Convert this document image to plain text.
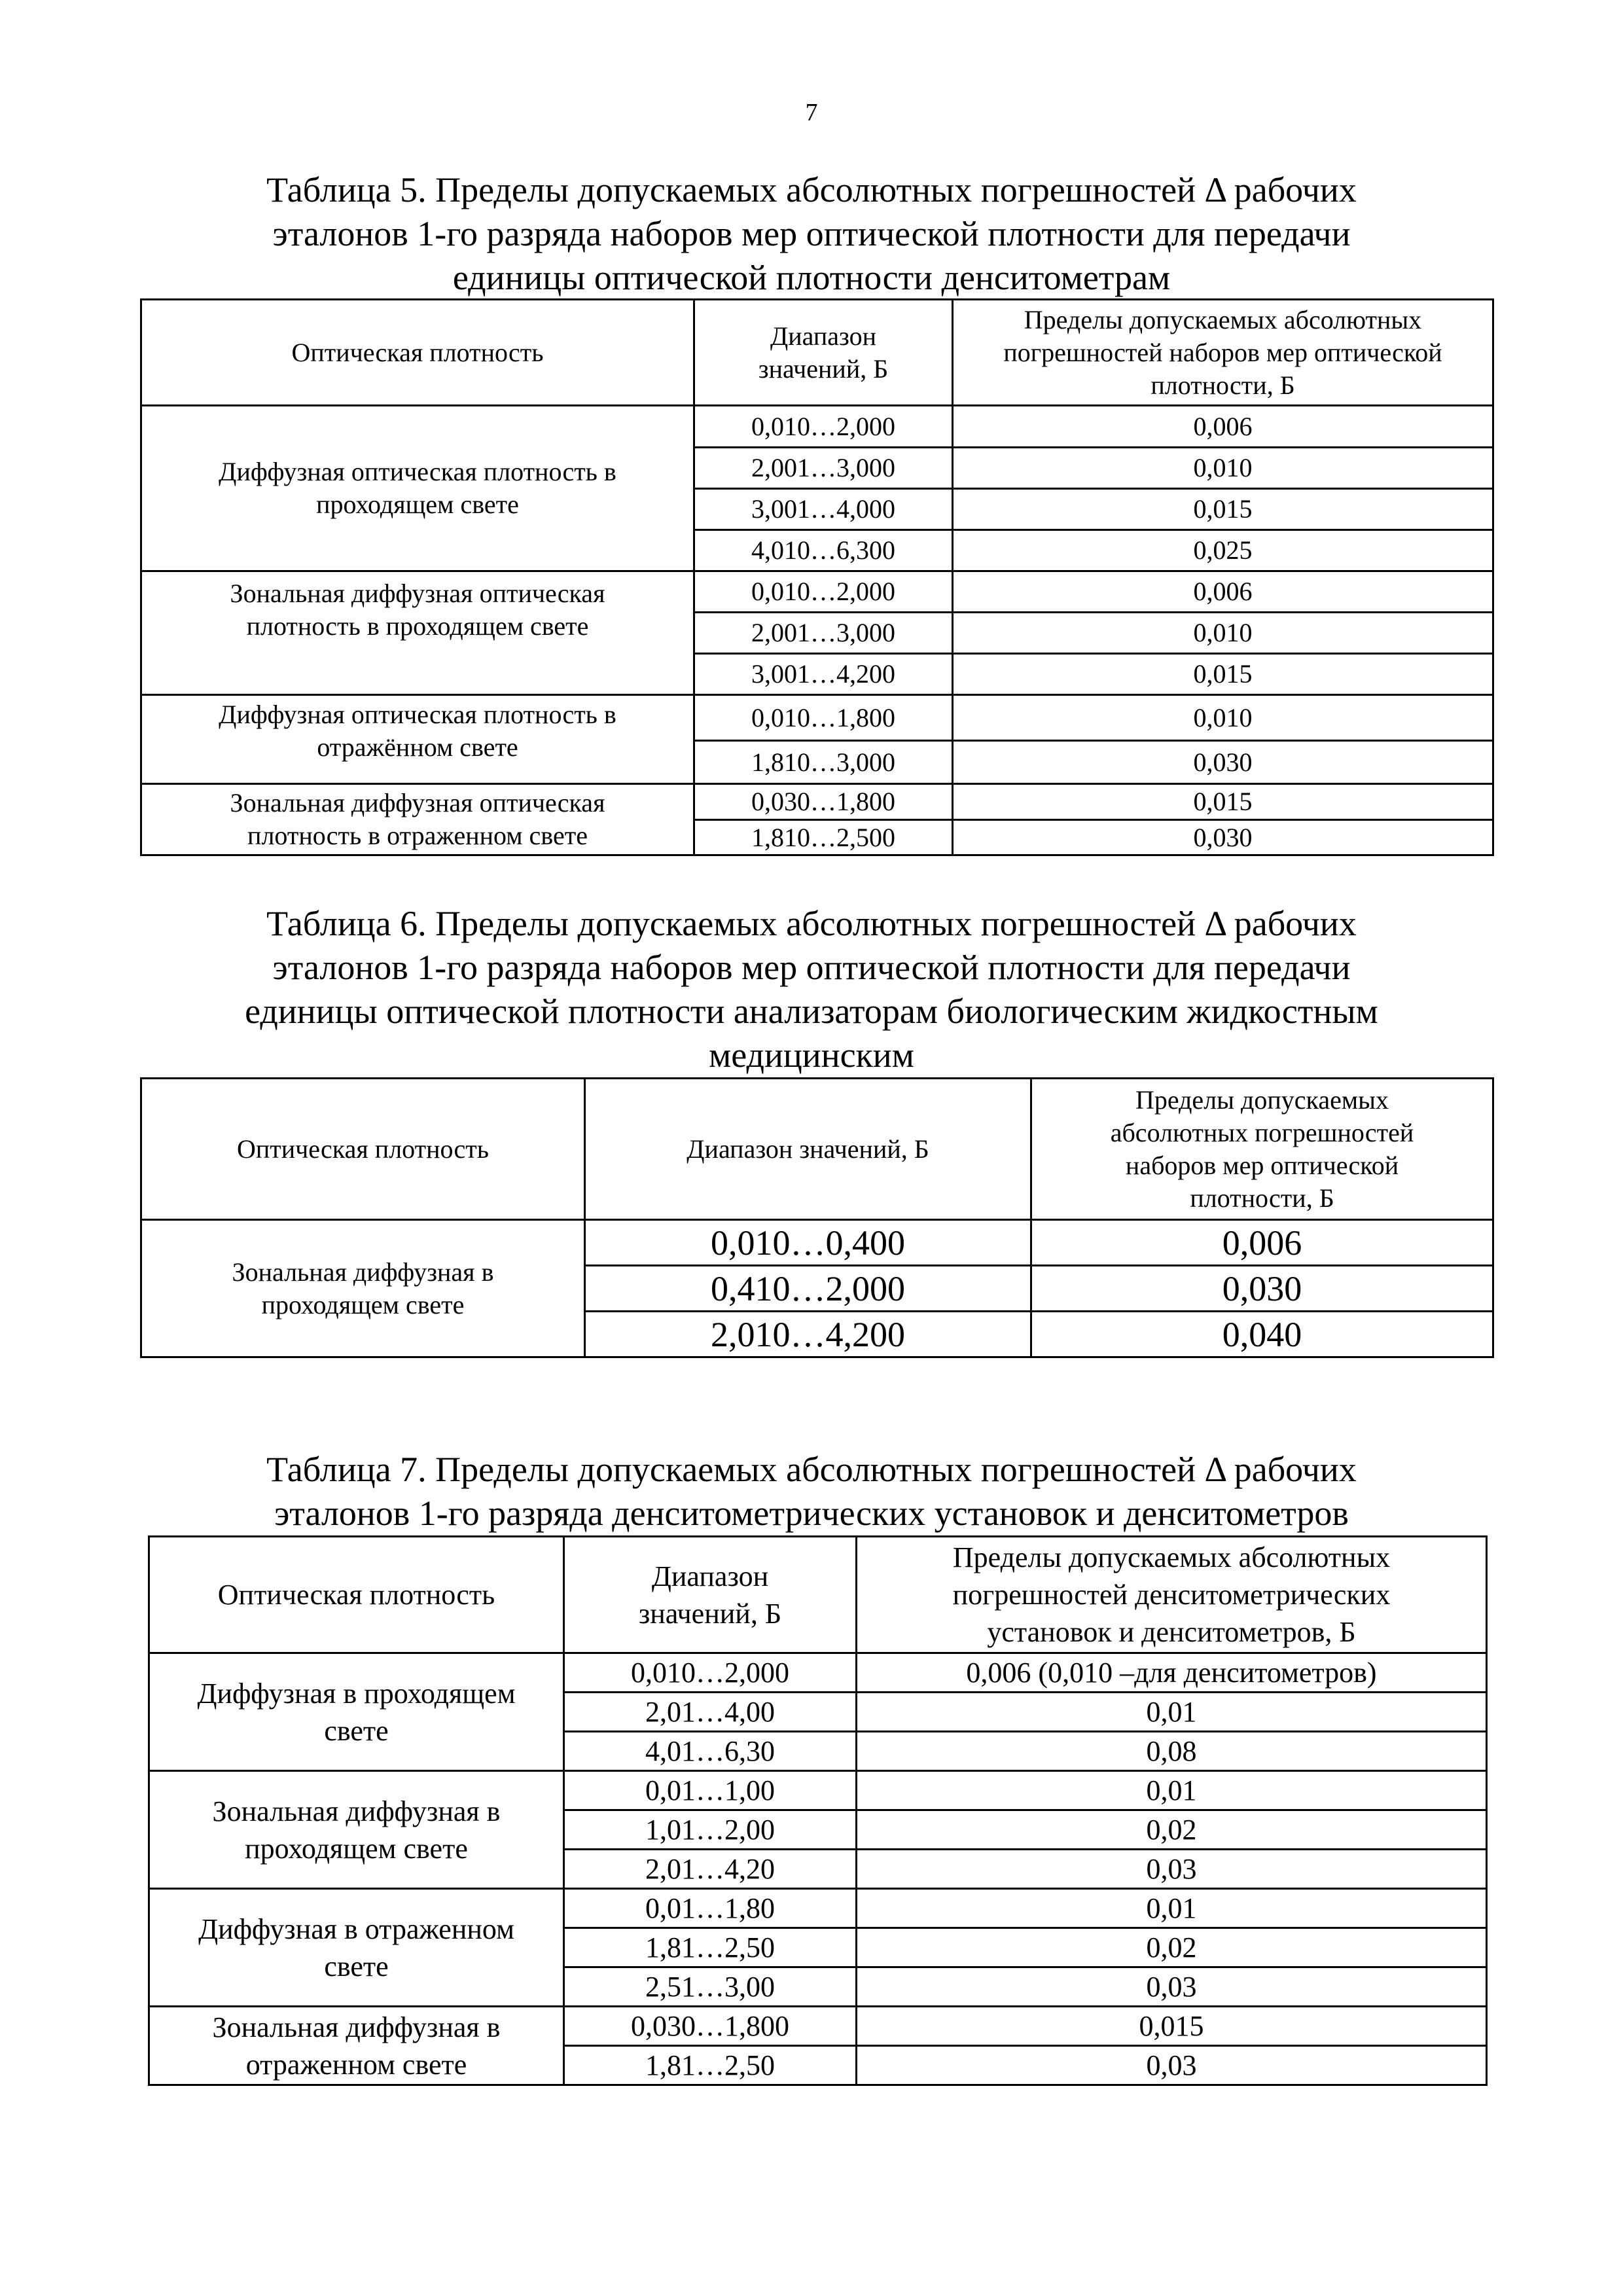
7
Таблица 5. Пределы допускаемых абсолютных погрешностей Δ рабочих
эталонов 1-го разряда наборов мер оптической плотности для передачи
единицы оптической плотности денситометрам
Оптическая плотность	Диапазон значений, Б	Пределы допускаемых абсолютных погрешностей наборов мер оптической плотности, Б
Диффузная оптическая плотность в проходящем свете	0,010…2,000	0,006
	2,001…3,000	0,010
	3,001…4,000	0,015
	4,010…6,300	0,025
Зональная диффузная оптическая плотность в проходящем свете	0,010…2,000	0,006
	2,001…3,000	0,010
	3,001…4,200	0,015
Диффузная оптическая плотность в отражённом свете	0,010…1,800	0,010
	1,810…3,000	0,030
Зональная диффузная оптическая плотность в отраженном свете	0,030…1,800	0,015
	1,810…2,500	0,030
Таблица 6. Пределы допускаемых абсолютных погрешностей Δ рабочих
эталонов 1-го разряда наборов мер оптической плотности для передачи
единицы оптической плотности анализаторам биологическим жидкостным
медицинским
Оптическая плотность	Диапазон значений, Б	Пределы допускаемых абсолютных погрешностей наборов мер оптической плотности, Б
Зональная диффузная в проходящем свете	0,010…0,400	0,006
	0,410…2,000	0,030
	2,010…4,200	0,040
Таблица 7. Пределы допускаемых абсолютных погрешностей Δ рабочих
эталонов 1-го разряда денситометрических установок и денситометров
Оптическая плотность	Диапазон значений, Б	Пределы допускаемых абсолютных погрешностей денситометрических установок и денситометров, Б
Диффузная в проходящем свете	0,010…2,000	0,006 (0,010 –для денситометров)
	2,01…4,00	0,01
	4,01…6,30	0,08
Зональная диффузная в проходящем свете	0,01…1,00	0,01
	1,01…2,00	0,02
	2,01…4,20	0,03
Диффузная в отраженном свете	0,01…1,80	0,01
	1,81…2,50	0,02
	2,51…3,00	0,03
Зональная диффузная в отраженном свете	0,030…1,800	0,015
	1,81…2,50	0,03
